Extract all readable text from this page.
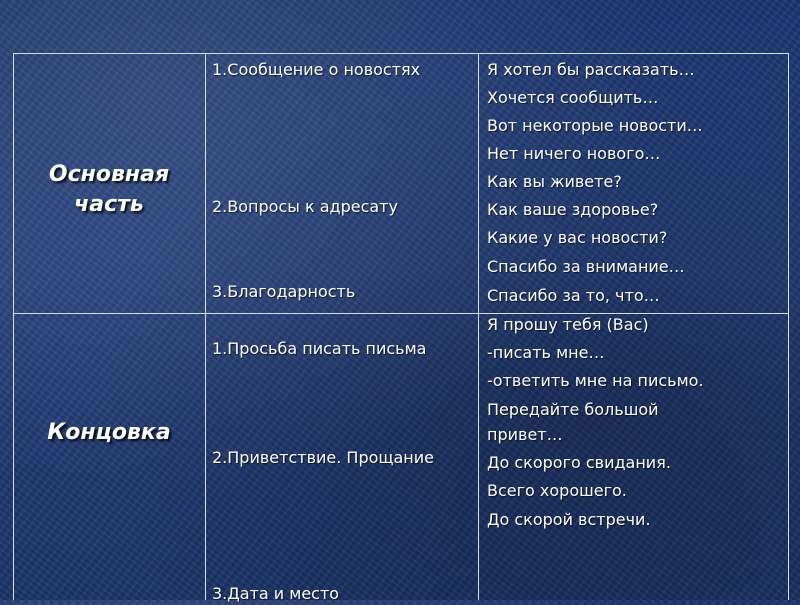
Основная
часть
1.Сообщение о новостях
2.Вопросы к адресату
3.Благодарность
Я хотел бы рассказать…
Хочется сообщить…
Вот некоторые новости…
Нет ничего нового…
Как вы живете?
Как ваше здоровье?
Какие у вас новости?
Спасибо за внимание…
Спасибо за то, что…
Концовка
1.Просьба писать письма
2.Приветствие. Прощание
3.Дата и место
Я прошу тебя (Вас)
-писать мне…
-ответить мне на письмо.
Передайте большой
привет…
До скорого свидания.
Всего хорошего.
До скорой встречи.
